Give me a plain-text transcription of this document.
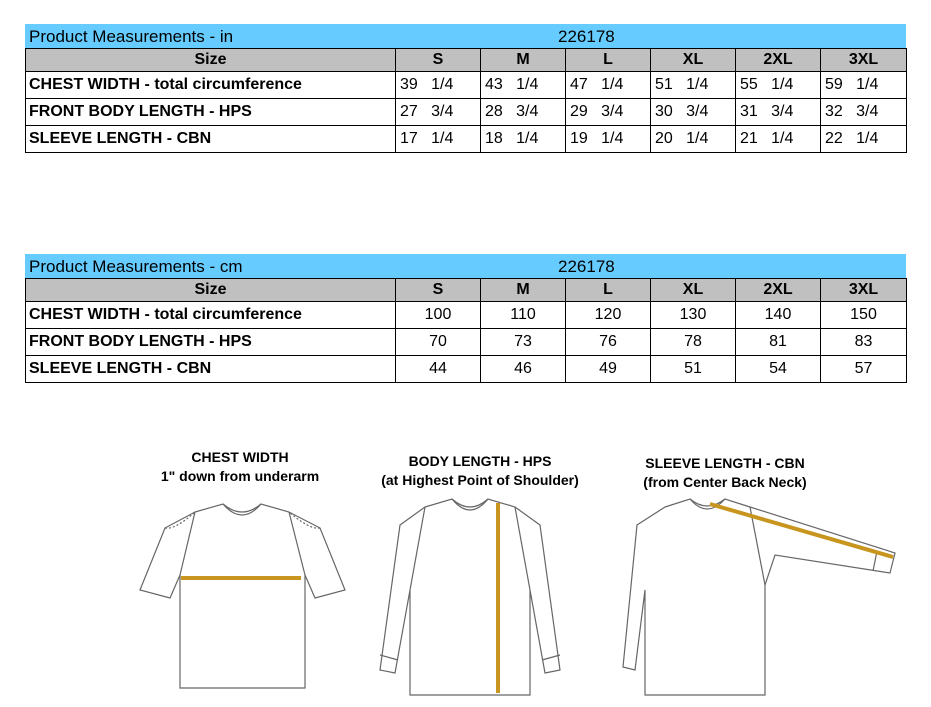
Product Measurements - in	226178
Size	S	M	L	XL	2XL	3XL
CHEST WIDTH - total circumference	39   1/4	43   1/4	47   1/4	51   1/4	55   1/4	59   1/4
FRONT BODY LENGTH - HPS	27   3/4	28   3/4	29   3/4	30   3/4	31   3/4	32   3/4
SLEEVE LENGTH - CBN	17   1/4	18   1/4	19   1/4	20   1/4	21   1/4	22   1/4
Product Measurements - cm	226178
Size	S	M	L	XL	2XL	3XL
CHEST WIDTH - total circumference	100	110	120	130	140	150
FRONT BODY LENGTH - HPS	70	73	76	78	81	83
SLEEVE LENGTH - CBN	44	46	49	51	54	57
CHEST WIDTH
1" down from underarm
BODY LENGTH - HPS
(at Highest Point of Shoulder)
SLEEVE LENGTH - CBN
(from Center Back Neck)
